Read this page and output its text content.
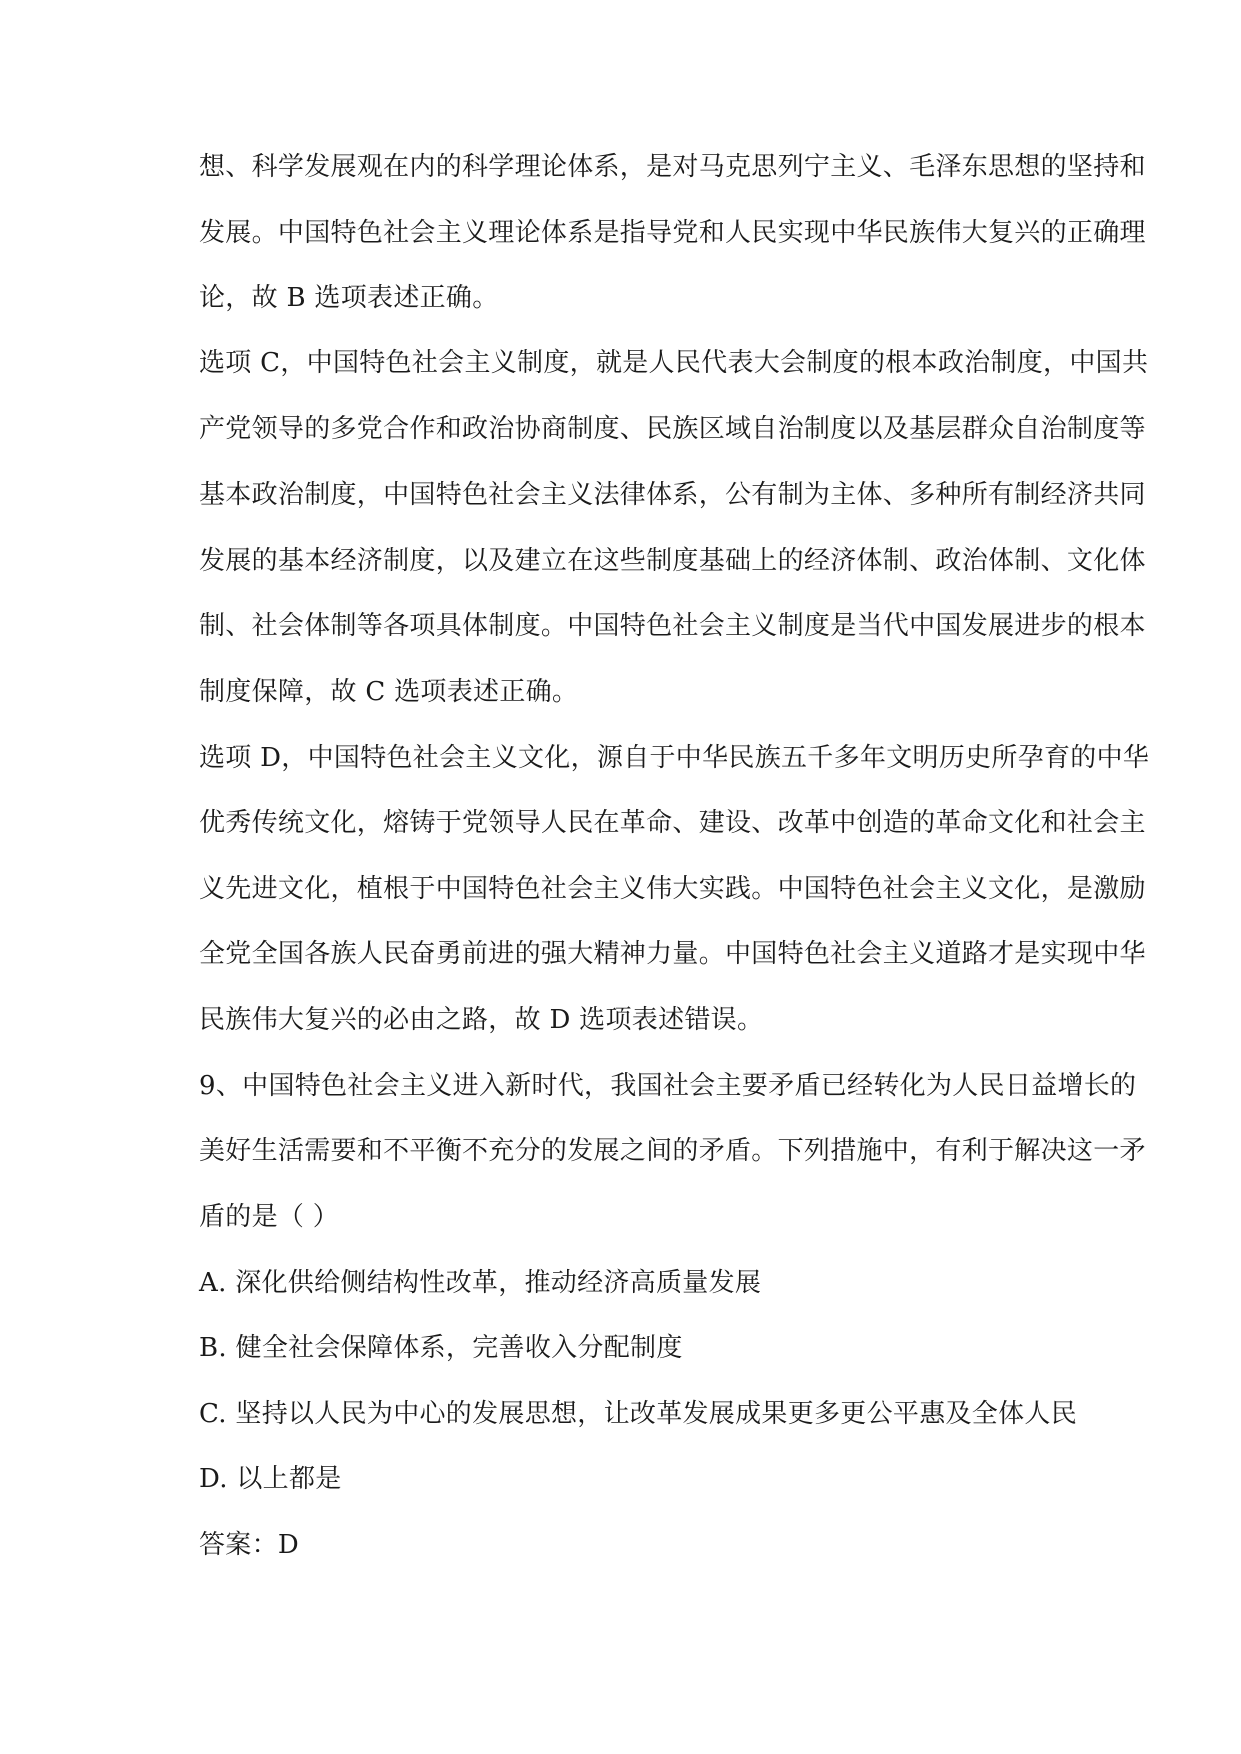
想、科学发展观在内的科学理论体系，是对马克思列宁主义、毛泽东思想的坚持和
发展。中国特色社会主义理论体系是指导党和人民实现中华民族伟大复兴的正确理
论，故 B 选项表述正确。
选项 C，中国特色社会主义制度，就是人民代表大会制度的根本政治制度，中国共
产党领导的多党合作和政治协商制度、民族区域自治制度以及基层群众自治制度等
基本政治制度，中国特色社会主义法律体系，公有制为主体、多种所有制经济共同
发展的基本经济制度，以及建立在这些制度基础上的经济体制、政治体制、文化体
制、社会体制等各项具体制度。中国特色社会主义制度是当代中国发展进步的根本
制度保障，故 C 选项表述正确。
选项 D，中国特色社会主义文化，源自于中华民族五千多年文明历史所孕育的中华
优秀传统文化，熔铸于党领导人民在革命、建设、改革中创造的革命文化和社会主
义先进文化，植根于中国特色社会主义伟大实践。中国特色社会主义文化，是激励
全党全国各族人民奋勇前进的强大精神力量。中国特色社会主义道路才是实现中华
民族伟大复兴的必由之路，故 D 选项表述错误。
9、中国特色社会主义进入新时代，我国社会主要矛盾已经转化为人民日益增长的
美好生活需要和不平衡不充分的发展之间的矛盾。下列措施中，有利于解决这一矛
盾的是（ ）
A. 深化供给侧结构性改革，推动经济高质量发展
B. 健全社会保障体系，完善收入分配制度
C. 坚持以人民为中心的发展思想，让改革发展成果更多更公平惠及全体人民
D. 以上都是
答案：D
